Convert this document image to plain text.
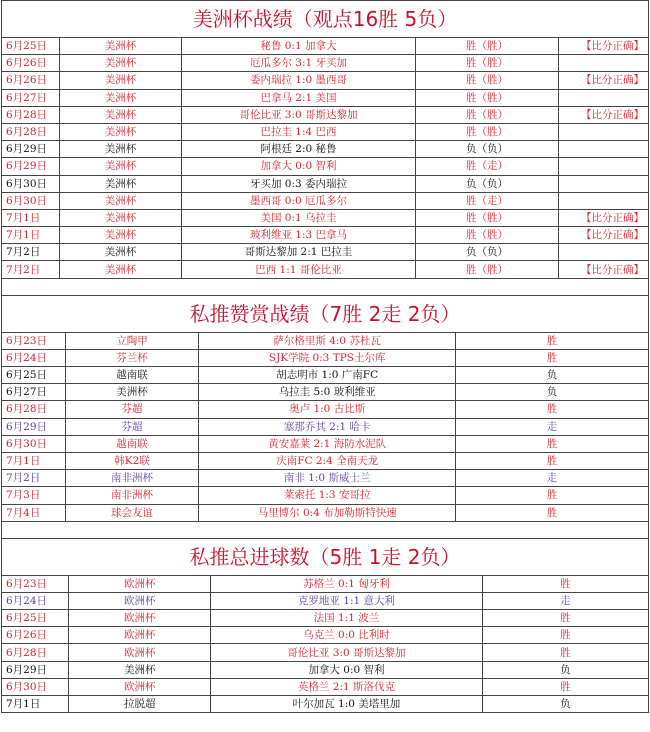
美洲杯战绩（观点16胜 5负）
6月25日	美洲杯	秘鲁 0:1 加拿大	胜（胜）	【比分正确】
6月26日	美洲杯	厄瓜多尔 3:1 牙买加	胜（胜）	
6月26日	美洲杯	委内瑞拉 1:0 墨西哥	胜（胜）	【比分正确】
6月27日	美洲杯	巴拿马 2:1 美国	胜（胜）	
6月28日	美洲杯	哥伦比亚 3:0 哥斯达黎加	胜（胜）	【比分正确】
6月28日	美洲杯	巴拉圭 1:4 巴西	胜（胜）	
6月29日	美洲杯	阿根廷 2:0 秘鲁	负（负）	
6月29日	美洲杯	加拿大 0:0 智利	胜（走）	
6月30日	美洲杯	牙买加 0:3 委内瑞拉	负（负）	
6月30日	美洲杯	墨西哥 0:0 厄瓜多尔	胜（走）	
7月1日	美洲杯	美国 0:1 乌拉圭	胜（胜）	【比分正确】
7月1日	美洲杯	玻利维亚 1:3 巴拿马	胜（胜）	【比分正确】
7月2日	美洲杯	哥斯达黎加 2:1 巴拉圭	负（负）	
7月2日	美洲杯	巴西 1:1 哥伦比亚	胜（胜）	【比分正确】
私推赞赏战绩（7胜 2走 2负）
6月23日	立陶甲	萨尔格里斯 4:0 苏杜瓦	胜
6月24日	芬兰杯	SJK学院 0:3 TPS土尔库	胜
6月25日	越南联	胡志明市 1:0 广南FC	负
6月27日	美洲杯	乌拉圭 5:0 玻利维亚	负
6月28日	芬超	奥卢 1:0 古比斯	胜
6月29日	芬超	塞那乔其 2:1 哈卡	走
6月30日	越南联	黄安嘉莱 2:1 海防水泥队	胜
7月1日	韩K2联	庆南FC 2:4 全南天龙	胜
7月2日	南非洲杯	南非 1:0 斯威士兰	走
7月3日	南非洲杯	莱索托 1:3 安哥拉	胜
7月4日	球会友谊	马里博尔 0:4 布加勒斯特快速	胜
私推总进球数（5胜 1走 2负）
6月23日	欧洲杯	苏格兰 0:1 匈牙利	胜
6月24日	欧洲杯	克罗地亚 1:1 意大利	走
6月25日	欧洲杯	法国 1:1 波兰	胜
6月26日	欧洲杯	乌克兰 0:0 比利时	胜
6月28日	欧洲杯	哥伦比亚 3:0 哥斯达黎加	胜
6月29日	美洲杯	加拿大 0:0 智利	负
6月30日	欧洲杯	英格兰 2:1 斯洛伐克	胜
7月1日	拉脱超	叶尔加瓦 1:0 美塔里加	负
